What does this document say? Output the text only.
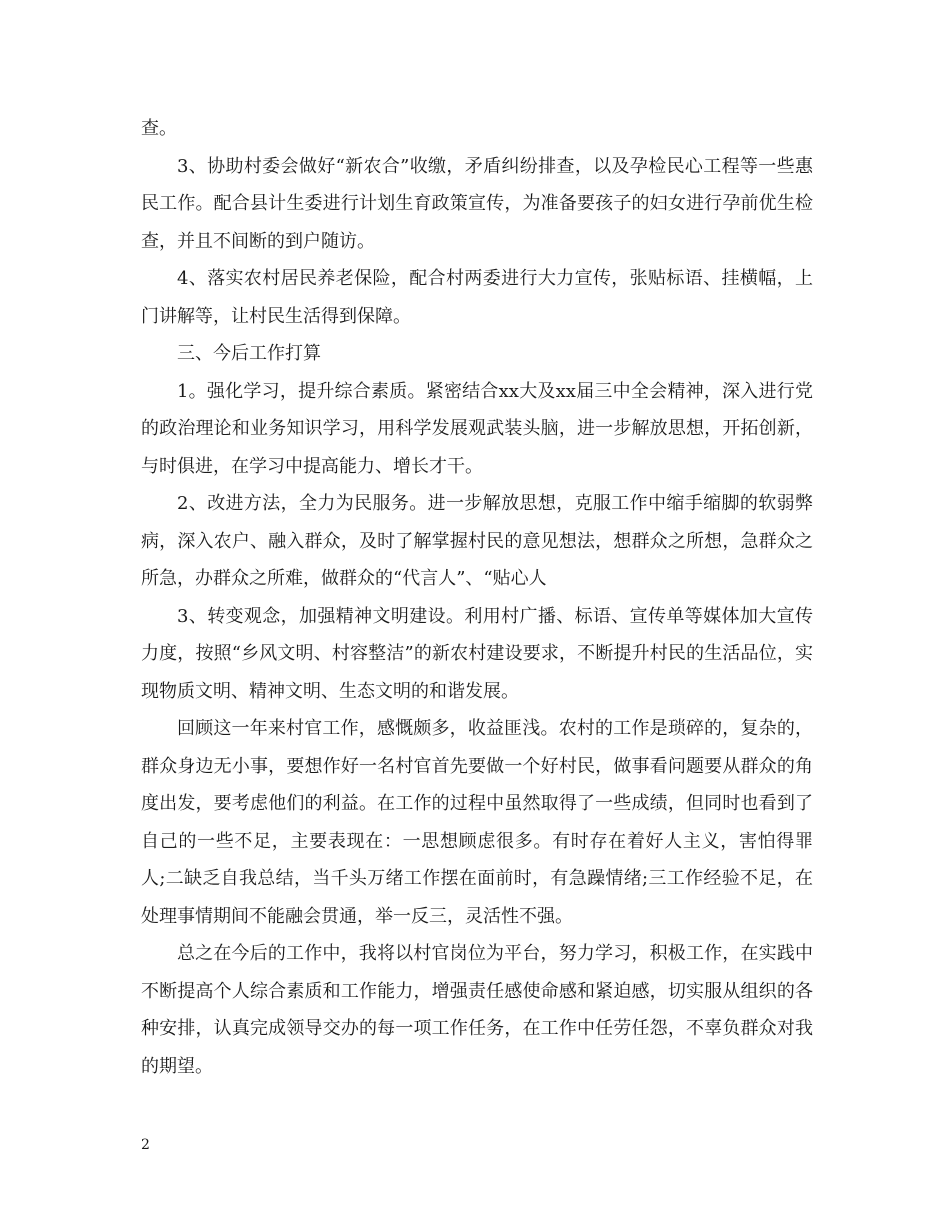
查。

3、协助村委会做好“新农合”收缴，矛盾纠纷排查，以及孕检民心工程等一些惠民工作。配合县计生委进行计划生育政策宣传，为准备要孩子的妇女进行孕前优生检查，并且不间断的到户随访。

4、落实农村居民养老保险，配合村两委进行大力宣传，张贴标语、挂横幅，上门讲解等，让村民生活得到保障。

三、今后工作打算

1。强化学习，提升综合素质。紧密结合xx大及xx届三中全会精神，深入进行党的政治理论和业务知识学习，用科学发展观武装头脑，进一步解放思想，开拓创新，与时俱进，在学习中提高能力、增长才干。

2、改进方法，全力为民服务。进一步解放思想，克服工作中缩手缩脚的软弱弊病，深入农户、融入群众，及时了解掌握村民的意见想法，想群众之所想，急群众之所急，办群众之所难，做群众的“代言人”、“贴心人

3、转变观念，加强精神文明建设。利用村广播、标语、宣传单等媒体加大宣传力度，按照“乡风文明、村容整洁”的新农村建设要求，不断提升村民的生活品位，实现物质文明、精神文明、生态文明的和谐发展。

回顾这一年来村官工作，感慨颇多，收益匪浅。农村的工作是琐碎的，复杂的，群众身边无小事，要想作好一名村官首先要做一个好村民，做事看问题要从群众的角度出发，要考虑他们的利益。在工作的过程中虽然取得了一些成绩，但同时也看到了自己的一些不足，主要表现在：一思想顾虑很多。有时存在着好人主义，害怕得罪人;二缺乏自我总结，当千头万绪工作摆在面前时，有急躁情绪;三工作经验不足，在处理事情期间不能融会贯通，举一反三，灵活性不强。

总之在今后的工作中，我将以村官岗位为平台，努力学习，积极工作，在实践中不断提高个人综合素质和工作能力，增强责任感使命感和紧迫感，切实服从组织的各种安排，认真完成领导交办的每一项工作任务，在工作中任劳任怨，不辜负群众对我的期望。

2
